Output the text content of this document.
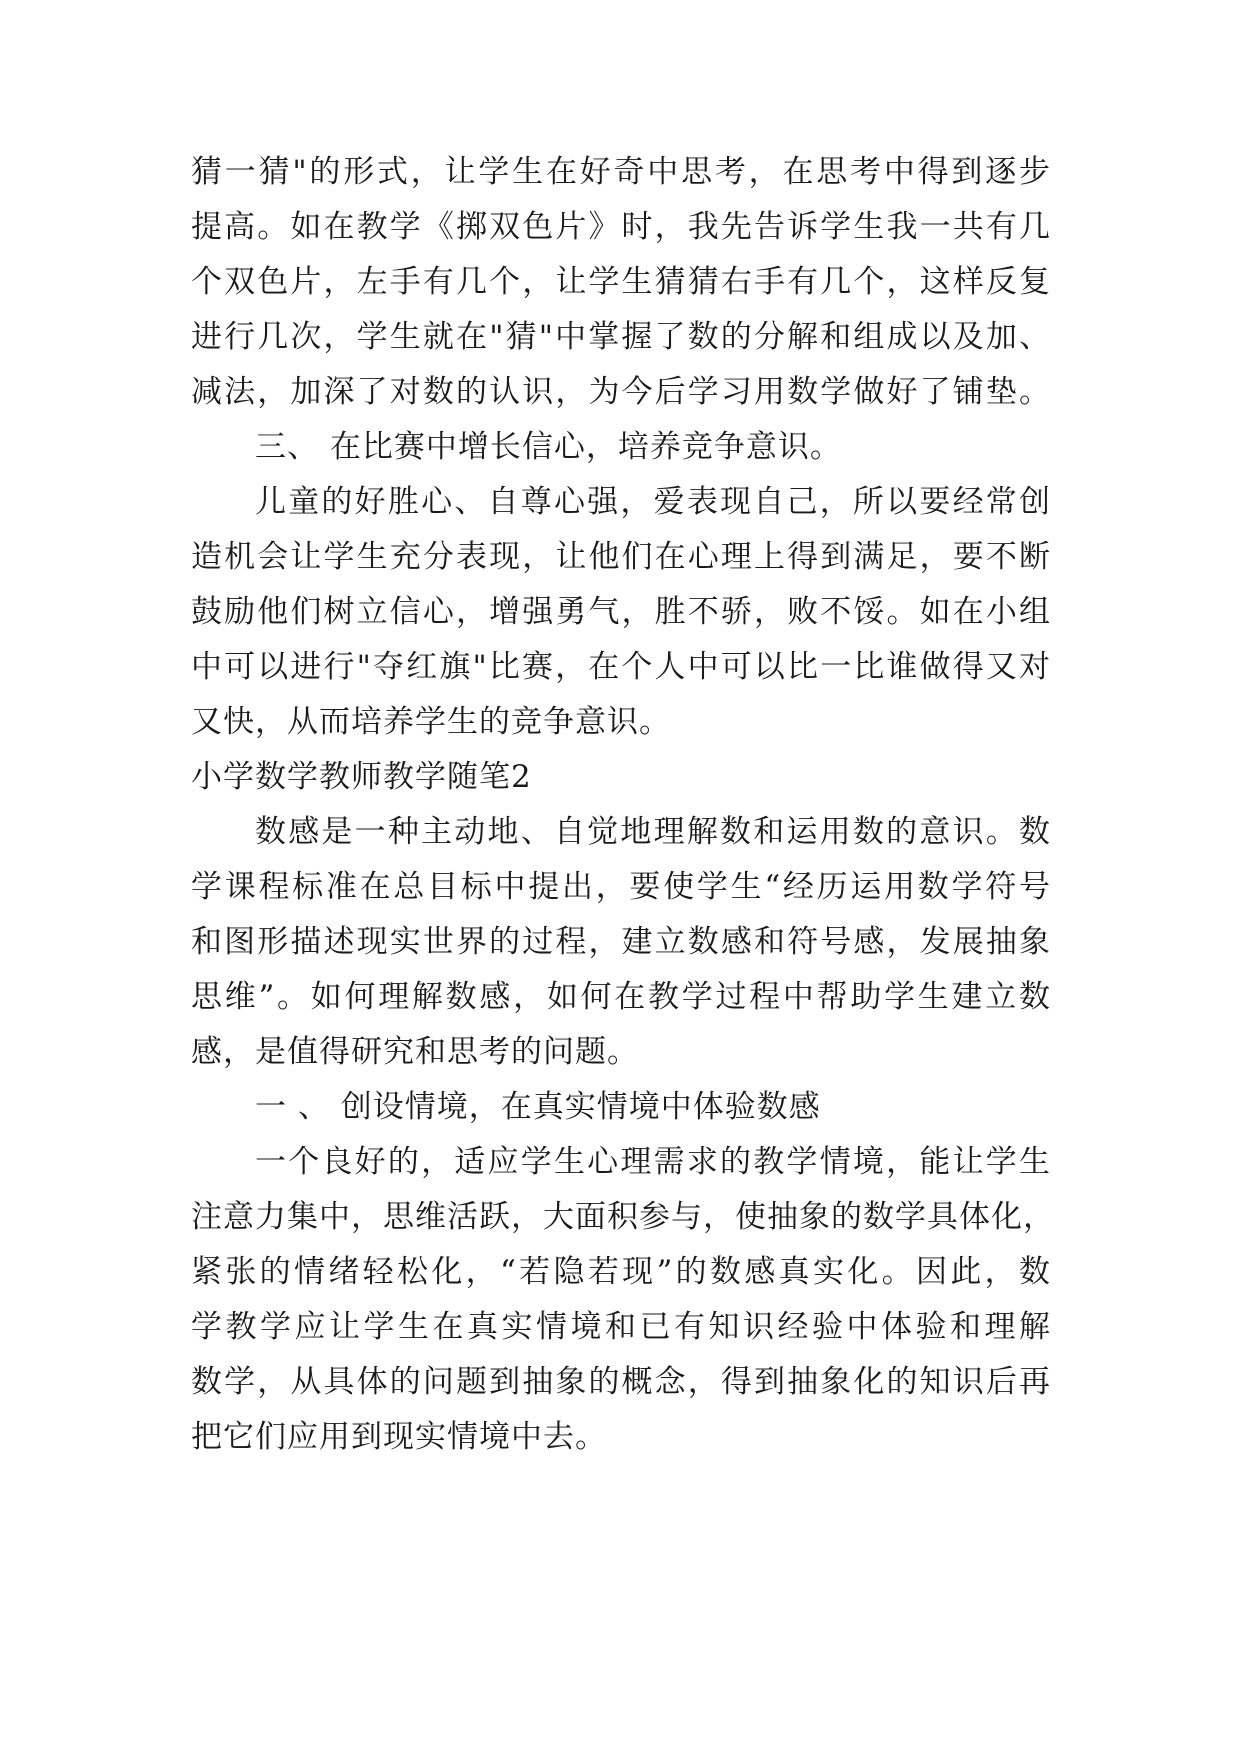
猜一猜"的形式，让学生在好奇中思考，在思考中得到逐步
提高。如在教学《掷双色片》时，我先告诉学生我一共有几
个双色片，左手有几个，让学生猜猜右手有几个，这样反复
进行几次，学生就在"猜"中掌握了数的分解和组成以及加、
减法，加深了对数的认识，为今后学习用数学做好了铺垫。
三、 在比赛中增长信心，培养竞争意识。
儿童的好胜心、自尊心强，爱表现自己，所以要经常创
造机会让学生充分表现，让他们在心理上得到满足，要不断
鼓励他们树立信心，增强勇气，胜不骄，败不馁。如在小组
中可以进行"夺红旗"比赛，在个人中可以比一比谁做得又对
又快，从而培养学生的竞争意识。
小学数学教师教学随笔2
数感是一种主动地、自觉地理解数和运用数的意识。数
学课程标准在总目标中提出，要使学生“经历运用数学符号
和图形描述现实世界的过程，建立数感和符号感，发展抽象
思维”。如何理解数感，如何在教学过程中帮助学生建立数
感，是值得研究和思考的问题。
一 、 创设情境，在真实情境中体验数感
一个良好的，适应学生心理需求的教学情境，能让学生
注意力集中，思维活跃，大面积参与，使抽象的数学具体化，
紧张的情绪轻松化，“若隐若现”的数感真实化。因此，数
学教学应让学生在真实情境和已有知识经验中体验和理解
数学，从具体的问题到抽象的概念，得到抽象化的知识后再
把它们应用到现实情境中去。
